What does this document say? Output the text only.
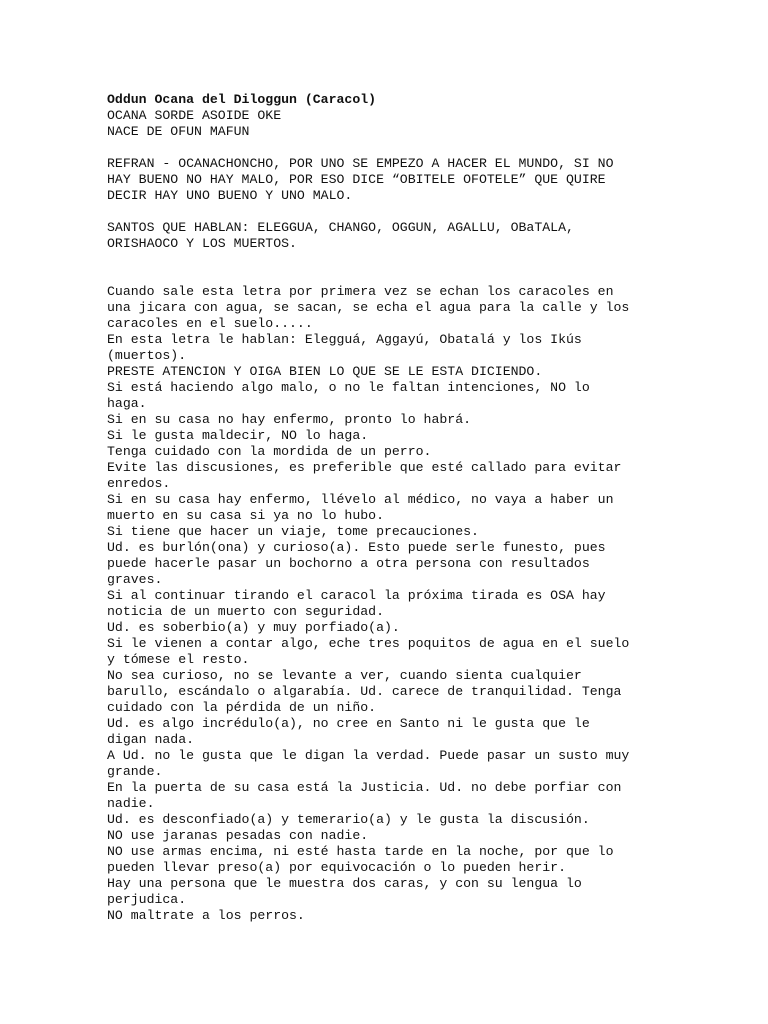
Oddun Ocana del Diloggun (Caracol)
OCANA SORDE ASOIDE OKE
NACE DE OFUN MAFUN
REFRAN - OCANACHONCHO, POR UNO SE EMPEZO A HACER EL MUNDO, SI NO
HAY BUENO NO HAY MALO, POR ESO DICE “OBITELE OFOTELE” QUE QUIRE
DECIR HAY UNO BUENO Y UNO MALO.
SANTOS QUE HABLAN: ELEGGUA, CHANGO, OGGUN, AGALLU, OBaTALA,
ORISHAOCO Y LOS MUERTOS.
Cuando sale esta letra por primera vez se echan los caracoles en
una jicara con agua, se sacan, se echa el agua para la calle y los
caracoles en el suelo.....
En esta letra le hablan: Elegguá, Aggayú, Obatalá y los Ikús
(muertos).
PRESTE ATENCION Y OIGA BIEN LO QUE SE LE ESTA DICIENDO.
Si está haciendo algo malo, o no le faltan intenciones, NO lo
haga.
Si en su casa no hay enfermo, pronto lo habrá.
Si le gusta maldecir, NO lo haga.
Tenga cuidado con la mordida de un perro.
Evite las discusiones, es preferible que esté callado para evitar
enredos.
Si en su casa hay enfermo, llévelo al médico, no vaya a haber un
muerto en su casa si ya no lo hubo.
Si tiene que hacer un viaje, tome precauciones.
Ud. es burlón(ona) y curioso(a). Esto puede serle funesto, pues
puede hacerle pasar un bochorno a otra persona con resultados
graves.
Si al continuar tirando el caracol la próxima tirada es OSA hay
noticia de un muerto con seguridad.
Ud. es soberbio(a) y muy porfiado(a).
Si le vienen a contar algo, eche tres poquitos de agua en el suelo
y tómese el resto.
No sea curioso, no se levante a ver, cuando sienta cualquier
barullo, escándalo o algarabía. Ud. carece de tranquilidad. Tenga
cuidado con la pérdida de un niño.
Ud. es algo incrédulo(a), no cree en Santo ni le gusta que le
digan nada.
A Ud. no le gusta que le digan la verdad. Puede pasar un susto muy
grande.
En la puerta de su casa está la Justicia. Ud. no debe porfiar con
nadie.
Ud. es desconfiado(a) y temerario(a) y le gusta la discusión.
NO use jaranas pesadas con nadie.
NO use armas encima, ni esté hasta tarde en la noche, por que lo
pueden llevar preso(a) por equivocación o lo pueden herir.
Hay una persona que le muestra dos caras, y con su lengua lo
perjudica.
NO maltrate a los perros.
